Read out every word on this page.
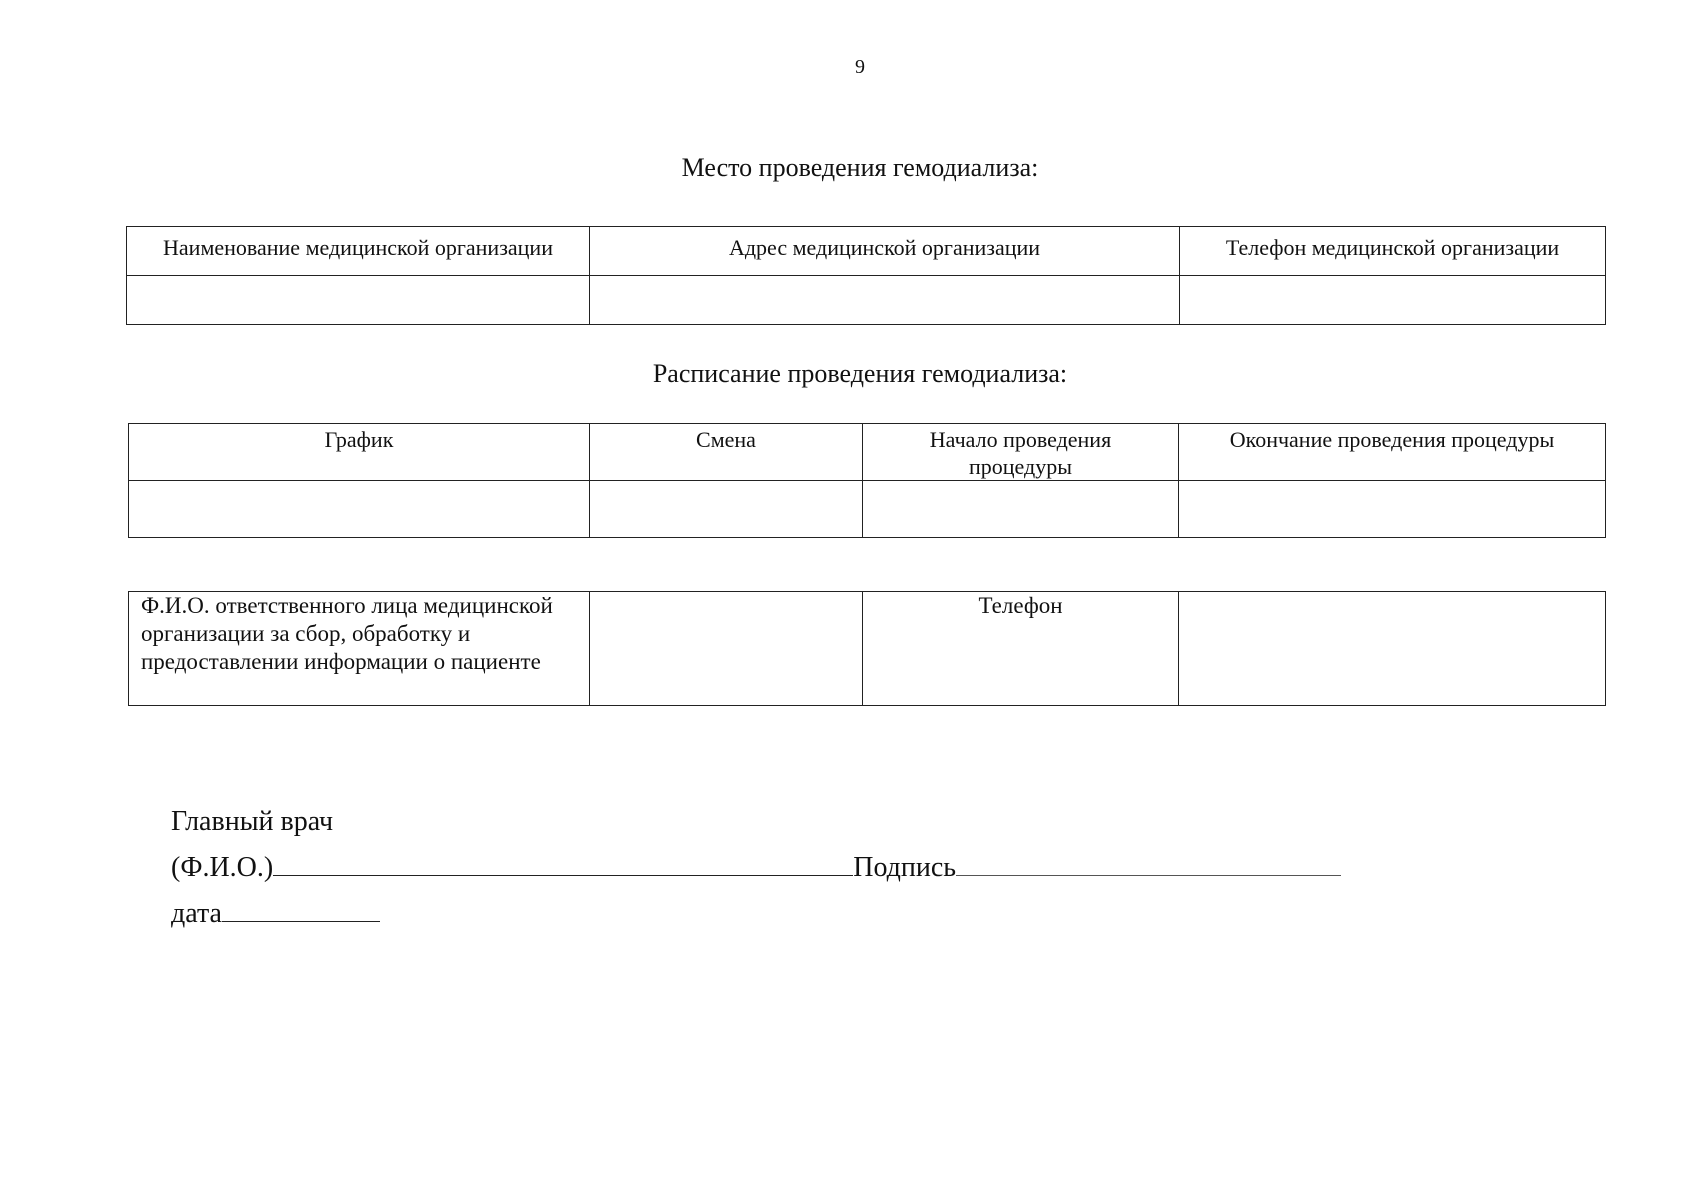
9
Место проведения гемодиализа:
Наименование медицинской организации	Адрес медицинской организации	Телефон медицинской организации

Расписание проведения гемодиализа:
График	Смена	Начало проведения процедуры	Окончание проведения процедуры

Ф.И.О. ответственного лица медицинской организации за сбор, обработку и предоставлении информации о пациенте		Телефон	
Главный врач
(Ф.И.О.)	Подпись
дата
